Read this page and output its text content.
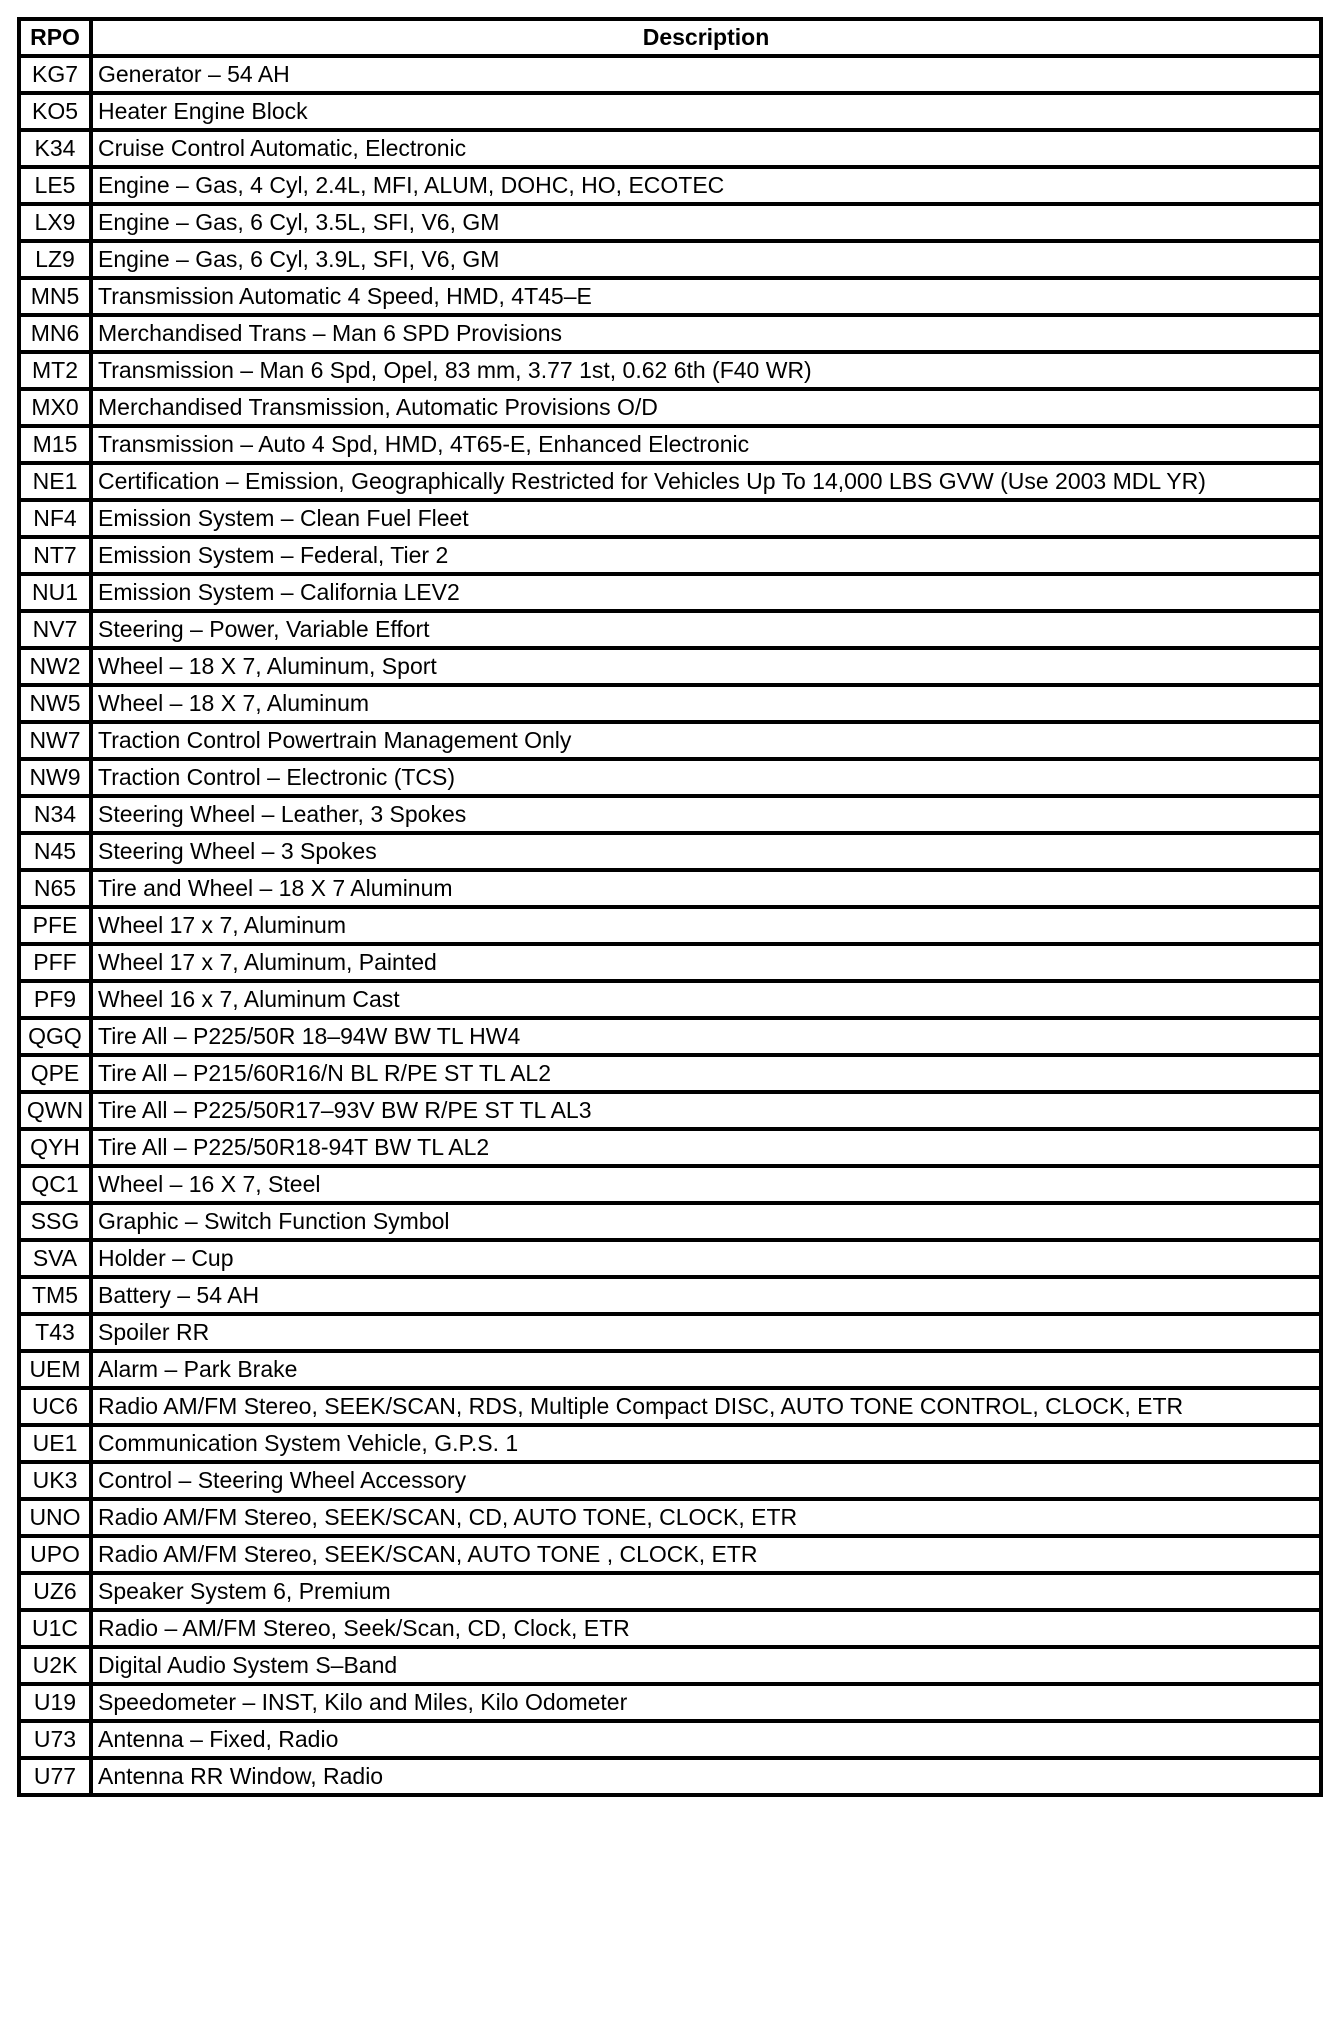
RPO	Description
KG7	Generator – 54 AH
KO5	Heater Engine Block
K34	Cruise Control Automatic, Electronic
LE5	Engine – Gas, 4 Cyl, 2.4L, MFI, ALUM, DOHC, HO, ECOTEC
LX9	Engine – Gas, 6 Cyl, 3.5L, SFI, V6, GM
LZ9	Engine – Gas, 6 Cyl, 3.9L, SFI, V6, GM
MN5	Transmission Automatic 4 Speed, HMD, 4T45–E
MN6	Merchandised Trans – Man 6 SPD Provisions
MT2	Transmission – Man 6 Spd, Opel, 83 mm, 3.77 1st, 0.62 6th (F40 WR)
MX0	Merchandised Transmission, Automatic Provisions O/D
M15	Transmission – Auto 4 Spd, HMD, 4T65-E, Enhanced Electronic
NE1	Certification – Emission, Geographically Restricted for Vehicles Up To 14,000 LBS GVW (Use 2003 MDL YR)
NF4	Emission System – Clean Fuel Fleet
NT7	Emission System – Federal, Tier 2
NU1	Emission System – California LEV2
NV7	Steering – Power, Variable Effort
NW2	Wheel – 18 X 7, Aluminum, Sport
NW5	Wheel – 18 X 7, Aluminum
NW7	Traction Control Powertrain Management Only
NW9	Traction Control – Electronic (TCS)
N34	Steering Wheel – Leather, 3 Spokes
N45	Steering Wheel – 3 Spokes
N65	Tire and Wheel – 18 X 7 Aluminum
PFE	Wheel 17 x 7, Aluminum
PFF	Wheel 17 x 7, Aluminum, Painted
PF9	Wheel 16 x 7, Aluminum Cast
QGQ	Tire All – P225/50R 18–94W BW TL HW4
QPE	Tire All – P215/60R16/N BL R/PE ST TL AL2
QWN	Tire All – P225/50R17–93V BW R/PE ST TL AL3
QYH	Tire All – P225/50R18-94T BW TL AL2
QC1	Wheel – 16 X 7, Steel
SSG	Graphic – Switch Function Symbol
SVA	Holder – Cup
TM5	Battery – 54 AH
T43	Spoiler RR
UEM	Alarm – Park Brake
UC6	Radio AM/FM Stereo, SEEK/SCAN, RDS, Multiple Compact DISC, AUTO TONE CONTROL, CLOCK, ETR
UE1	Communication System Vehicle, G.P.S. 1
UK3	Control – Steering Wheel Accessory
UNO	Radio AM/FM Stereo, SEEK/SCAN, CD, AUTO TONE, CLOCK, ETR
UPO	Radio AM/FM Stereo, SEEK/SCAN, AUTO TONE , CLOCK, ETR
UZ6	Speaker System 6, Premium
U1C	Radio – AM/FM Stereo, Seek/Scan, CD, Clock, ETR
U2K	Digital Audio System S–Band
U19	Speedometer – INST, Kilo and Miles, Kilo Odometer
U73	Antenna – Fixed, Radio
U77	Antenna RR Window, Radio
